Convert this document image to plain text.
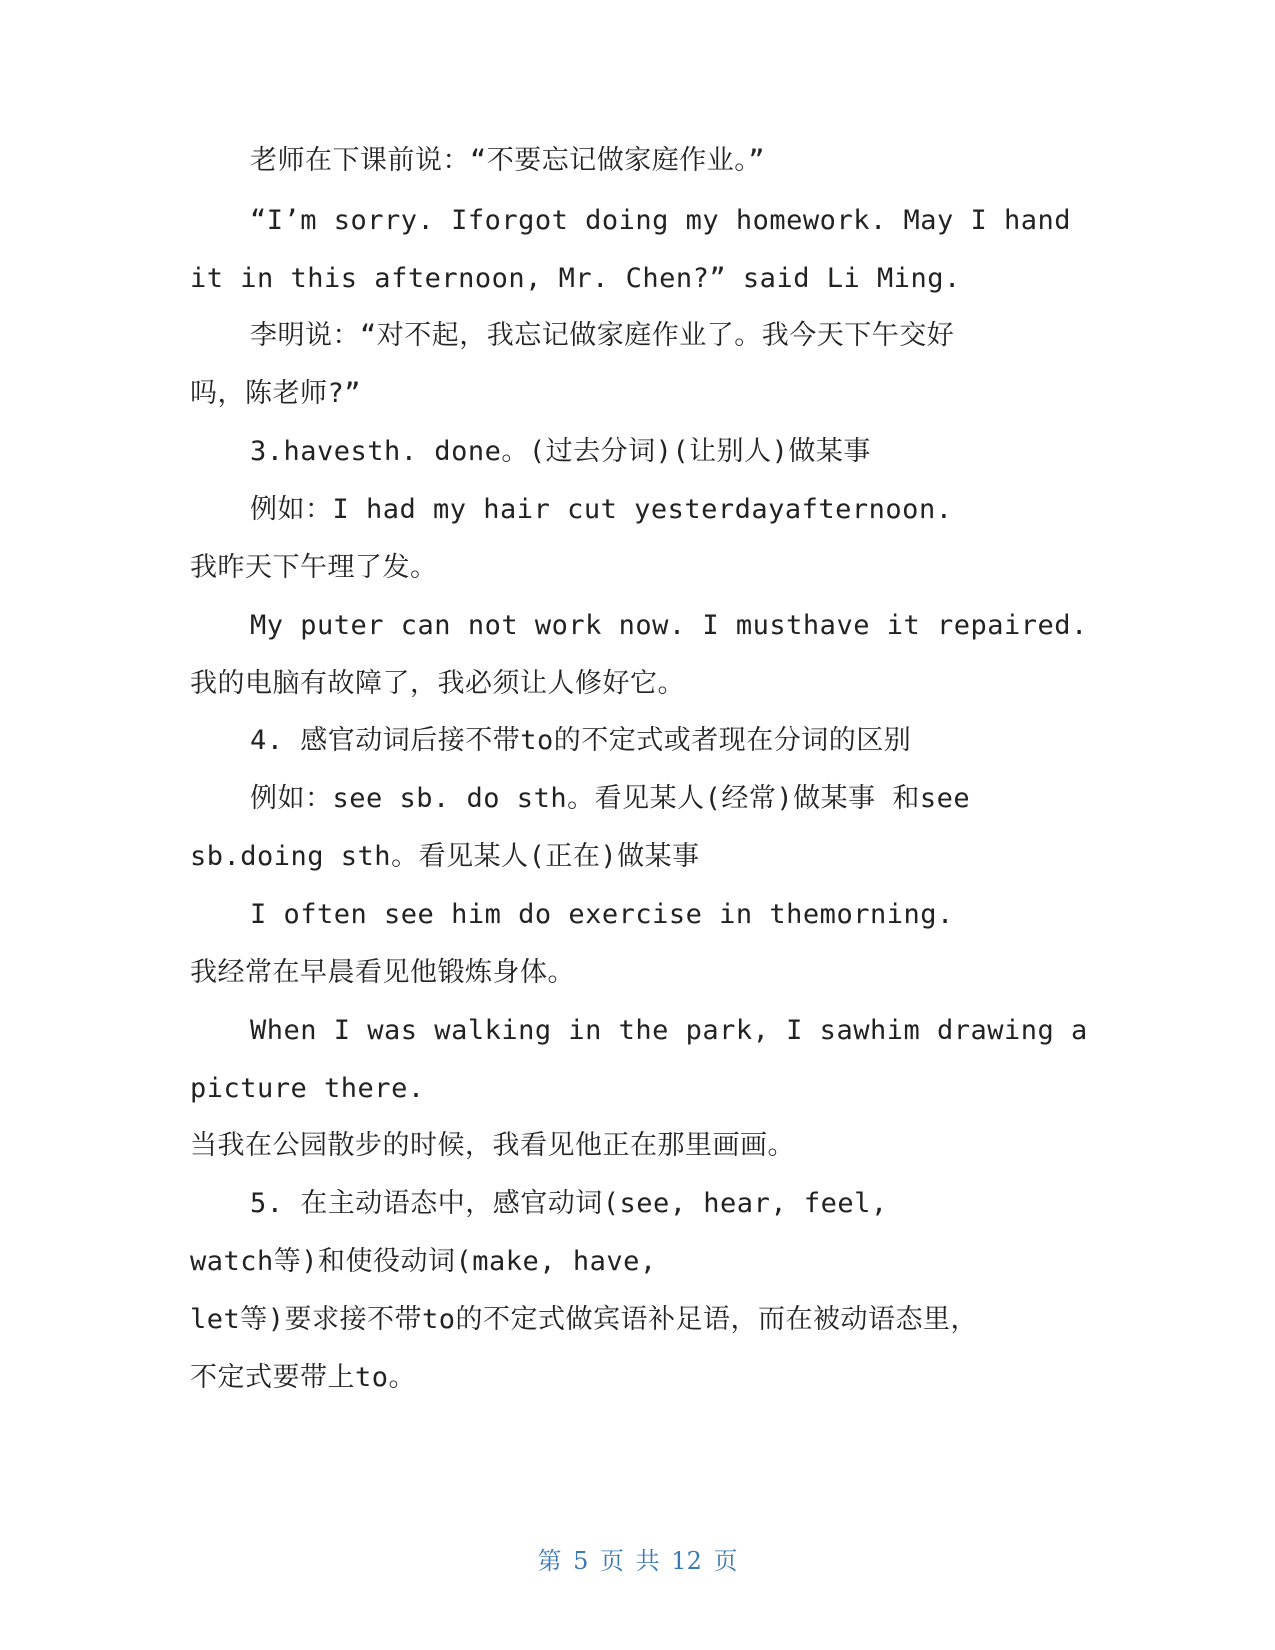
老师在下课前说：“不要忘记做家庭作业。”

“I’m sorry. Iforgot doing my homework. May I hand

it in this afternoon, Mr. Chen?” said Li Ming.

李明说：“对不起，我忘记做家庭作业了。我今天下午交好

吗，陈老师?”

3.havesth. done。(过去分词)(让别人)做某事

例如：I had my hair cut yesterdayafternoon.

我昨天下午理了发。

My puter can not work now. I musthave it repaired.

我的电脑有故障了，我必须让人修好它。

4. 感官动词后接不带to的不定式或者现在分词的区别

例如：see sb. do sth。看见某人(经常)做某事 和see

sb.doing sth。看见某人(正在)做某事

I often see him do exercise in themorning.

我经常在早晨看见他锻炼身体。

When I was walking in the park, I sawhim drawing a

picture there.

当我在公园散步的时候，我看见他正在那里画画。

5. 在主动语态中，感官动词(see, hear, feel,

watch等)和使役动词(make, have,

let等)要求接不带to的不定式做宾语补足语，而在被动语态里，

不定式要带上to。

第 5 页 共 12 页
